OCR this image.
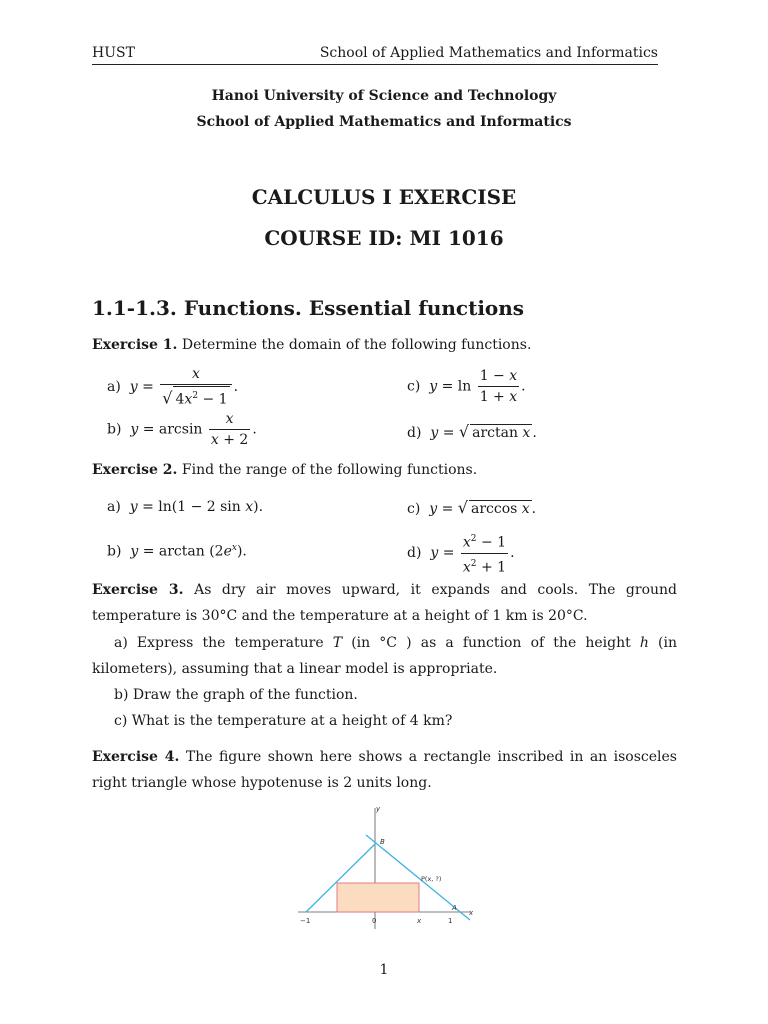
HUST	School of Applied Mathematics and Informatics
Hanoi University of Science and Technology
School of Applied Mathematics and Informatics
CALCULUS I EXERCISE
COURSE ID: MI 1016
1.1-1.3. Functions. Essential functions
Exercise 1. Determine the domain of the following functions.
a)  $y = \frac{x}{√ 4x^2 - 1}$ .
b)  $y = \arcsin \frac{x}{x + 2}$ .
c)  $y = \ln \frac{1 - x}{1 + x}$ .
d)  y = √ arctan x .
Exercise 2. Find the range of the following functions.
a)  y = ln(1 − 2 sin x).
b)  $y = \arctan (2e^x)$.
c)  y = √ arccos x .
d)  $y = \frac{x^2 - 1}{x^2 + 1}$ .
Exercise 3. As dry air moves upward, it expands and cools. The ground temperature is 30°C and the temperature at a height of 1 km is 20°C.
a) Express the temperature T (in °C ) as a function of the height h (in kilometers), assuming that a linear model is appropriate.
b) Draw the graph of the function.
c) What is the temperature at a height of 4 km?
Exercise 4. The figure shown here shows a rectangle inscribed in an isosceles right triangle whose hypotenuse is 2 units long.
y
x
B
A
P(x, ?)
−1	0	x	1
1
